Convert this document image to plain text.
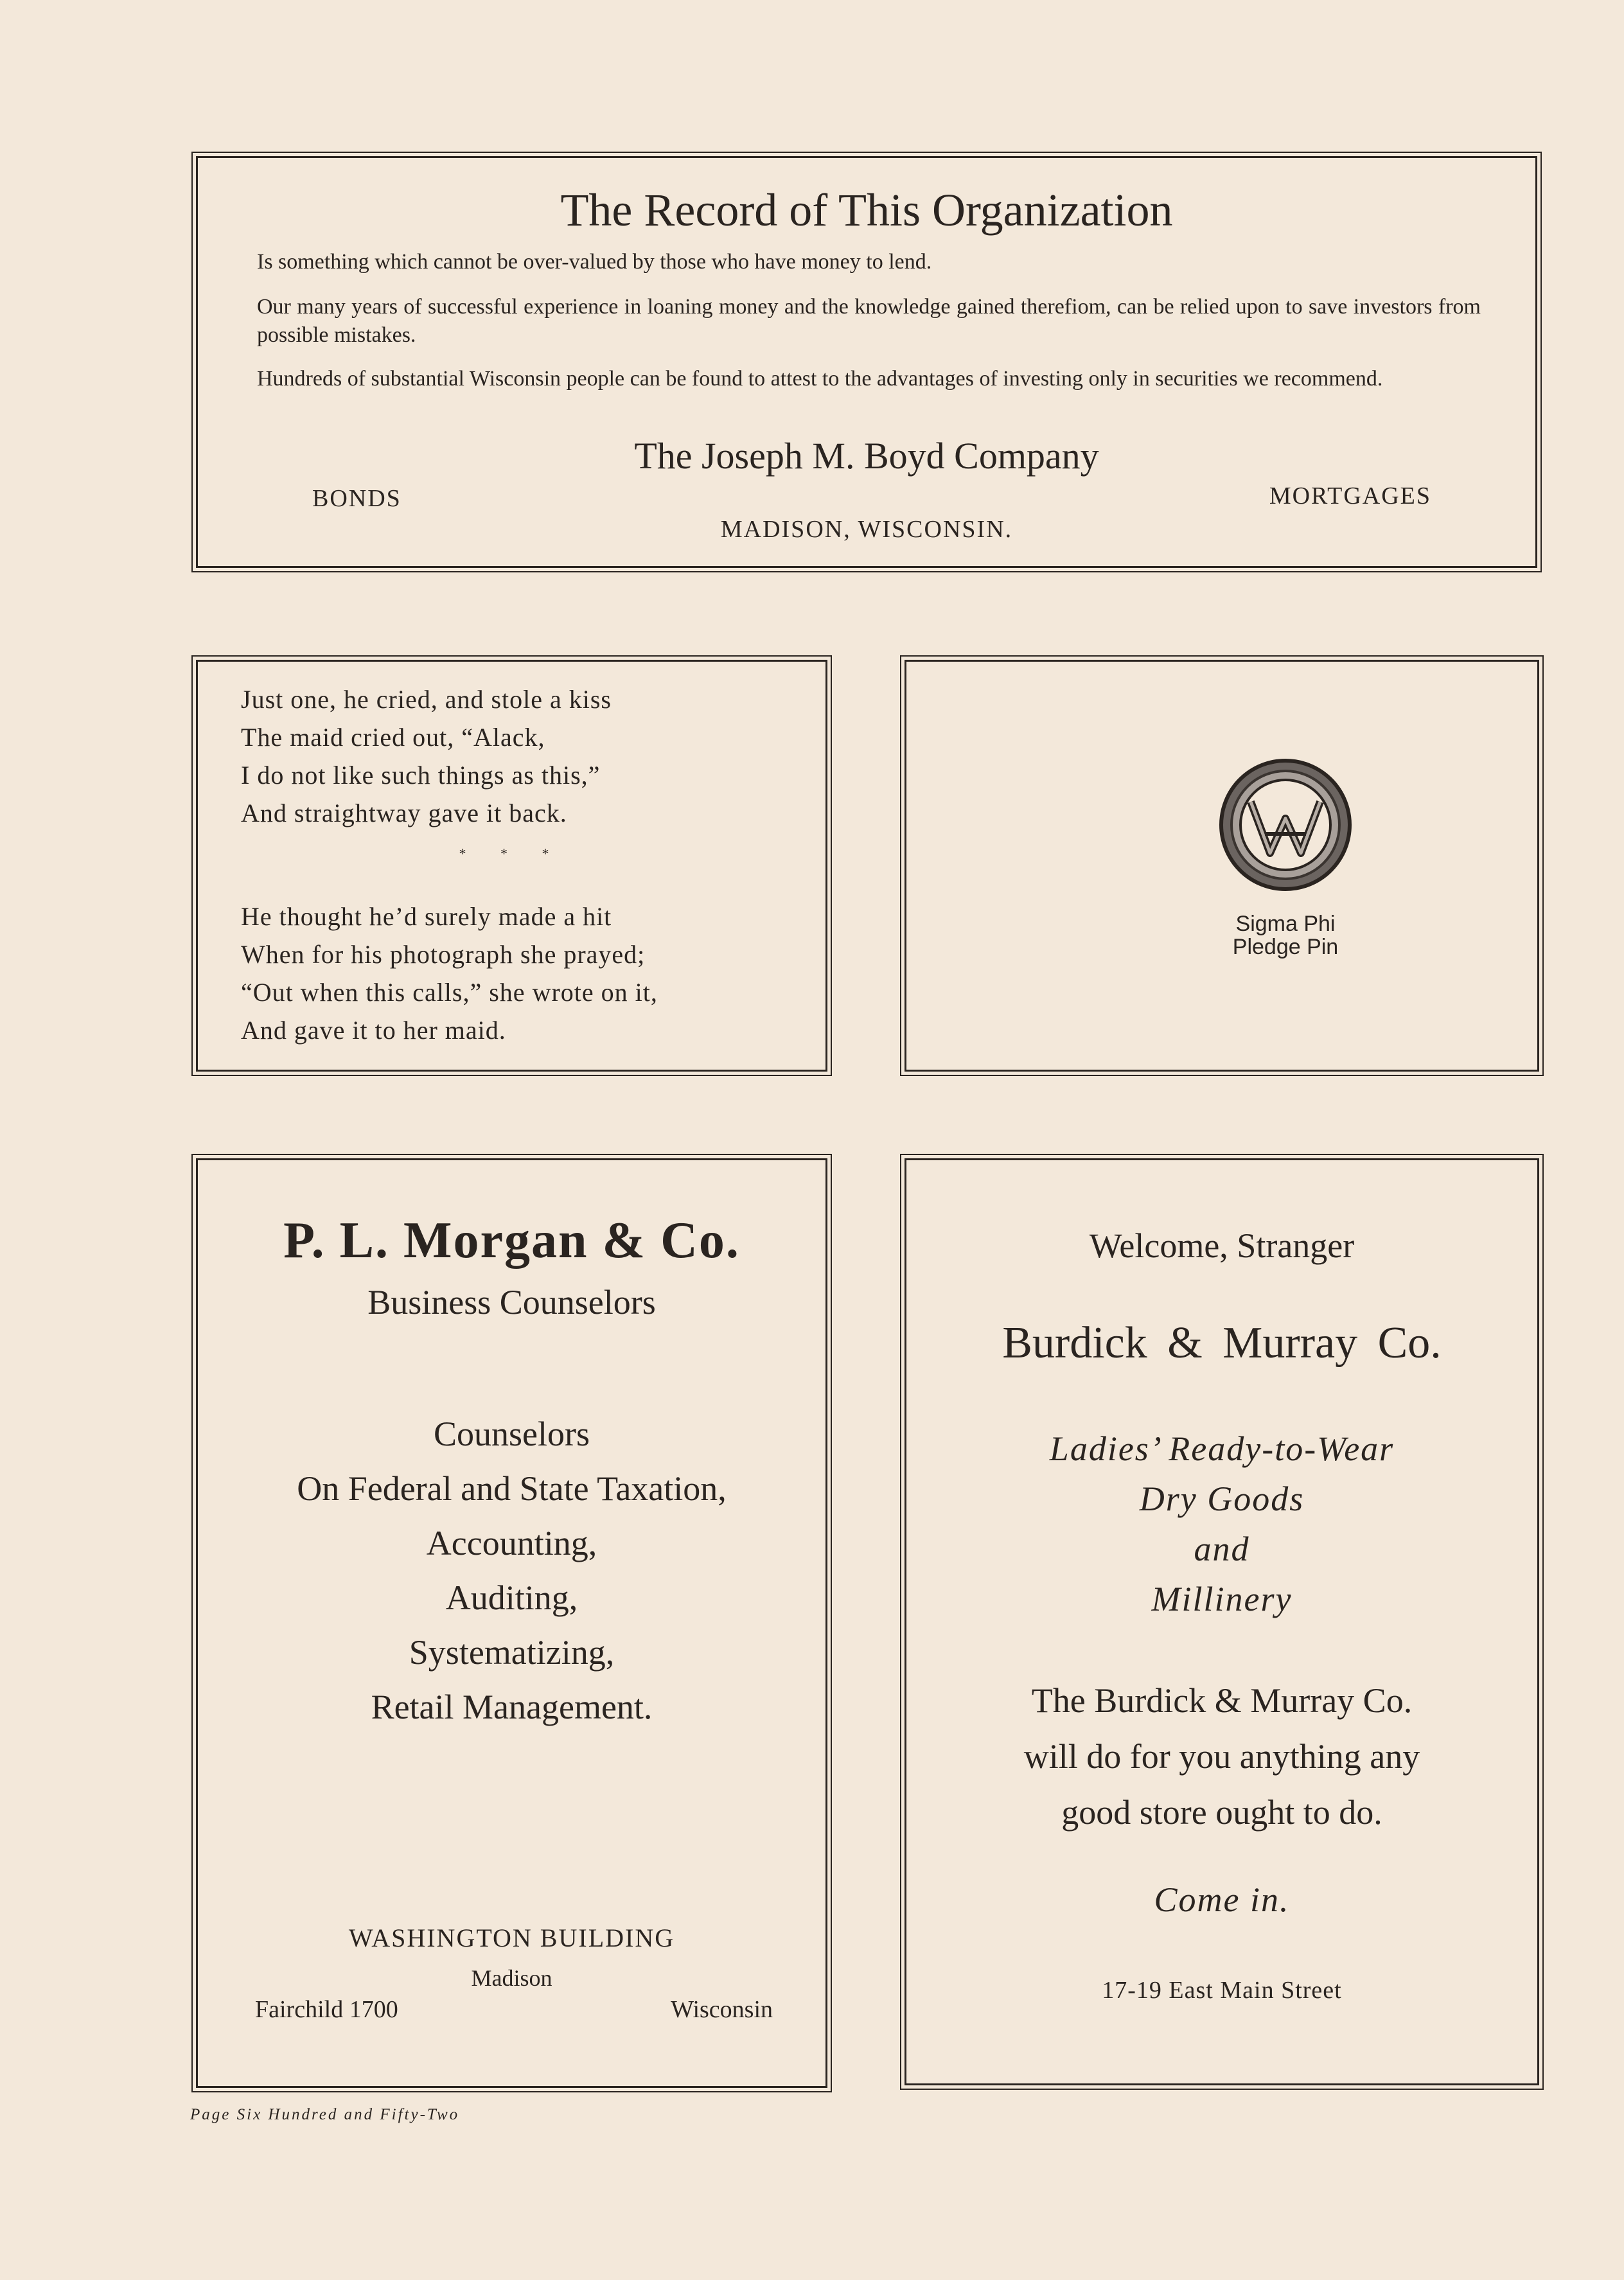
The Record of This Organization
Is something which cannot be over-valued by those who have money to lend.
Our many years of successful experience in loaning money and the knowledge gained therefiom, can be relied upon to save investors from possible mistakes.
Hundreds of substantial Wisconsin people can be found to attest to the advantages of investing only in securities we recommend.
The Joseph M. Boyd Company
BONDS	MORTGAGES
MADISON, WISCONSIN.
Just one, he cried, and stole a kiss
The maid cried out, “Alack,
I do not like such things as this,”
And straightway gave it back.
* * *
He thought he’d surely made a hit
When for his photograph she prayed;
“Out when this calls,” she wrote on it,
And gave it to her maid.
Sigma Phi
Pledge Pin
P. L. Morgan & Co.
Business Counselors
Counselors
On Federal and State Taxation,
Accounting,
Auditing,
Systematizing,
Retail Management.
WASHINGTON BUILDING
Madison
Fairchild 1700	Wisconsin
Welcome, Stranger
Burdick & Murray Co.
Ladies’ Ready-to-Wear
Dry Goods
and
Millinery
The Burdick & Murray Co.
will do for you anything any
good store ought to do.
Come in.
17-19 East Main Street
Page Six Hundred and Fifty-Two
